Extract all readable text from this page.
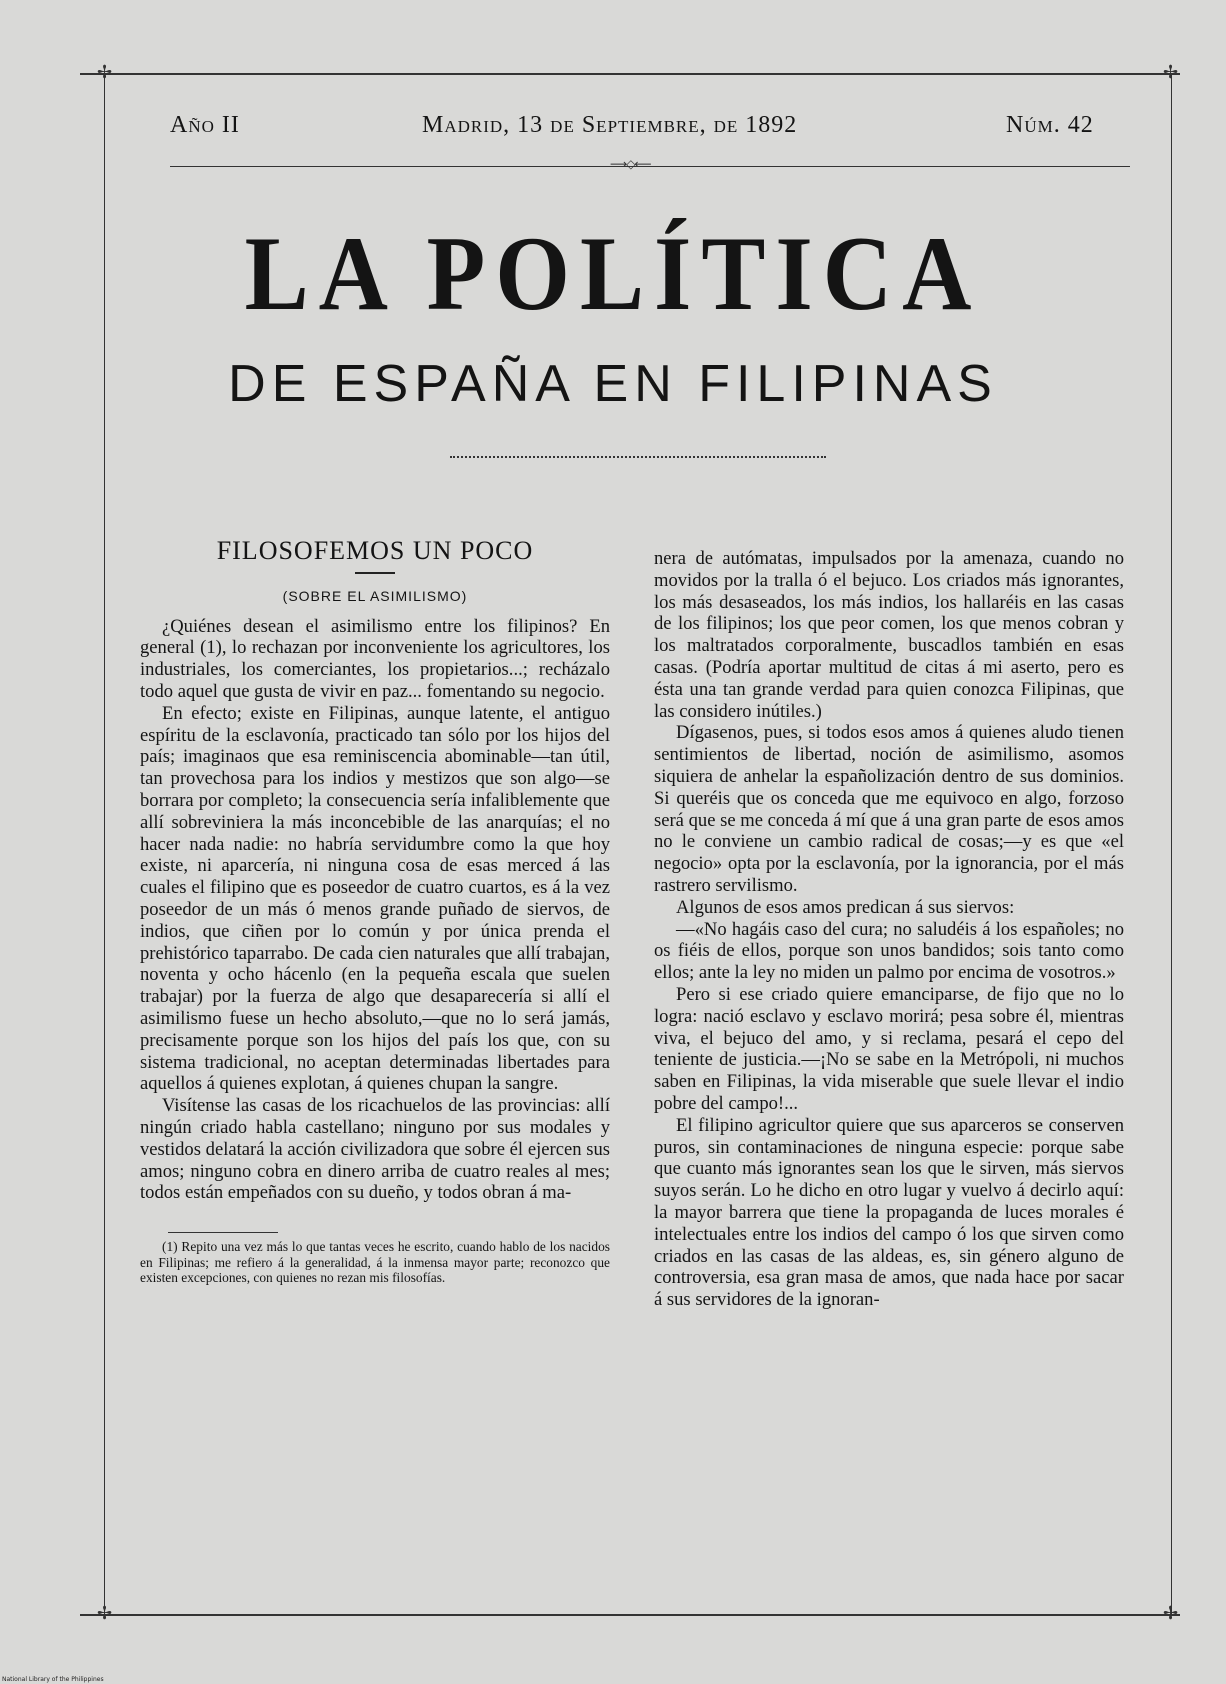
✢	✢
✢	✢
Año II	Madrid, 13 de Septiembre, de 1892	Núm. 42
⟶◇⟵
LA POLÍTICA
DE ESPAÑA EN FILIPINAS
FILOSOFEMOS UN POCO
(SOBRE EL ASIMILISMO)

¿Quiénes desean el asimilismo entre los filipinos? En general (1), lo rechazan por inconveniente los agricultores, los industriales, los comerciantes, los propietarios...; recházalo todo aquel que gusta de vivir en paz... fomentando su negocio.

En efecto; existe en Filipinas, aunque latente, el antiguo espíritu de la esclavonía, practicado tan sólo por los hijos del país; imaginaos que esa reminiscencia abominable—tan útil, tan provechosa para los indios y mestizos que son algo—se borrara por completo; la consecuencia sería infaliblemente que allí sobreviniera la más inconcebible de las anarquías; el no hacer nada nadie: no habría servidumbre como la que hoy existe, ni aparcería, ni ninguna cosa de esas merced á las cuales el filipino que es poseedor de cuatro cuartos, es á la vez poseedor de un más ó menos grande puñado de siervos, de indios, que ciñen por lo común y por única prenda el prehistórico taparrabo. De cada cien naturales que allí trabajan, noventa y ocho hácenlo (en la pequeña escala que suelen trabajar) por la fuerza de algo que desaparecería si allí el asimilismo fuese un hecho absoluto,—que no lo será jamás, precisamente porque son los hijos del país los que, con su sistema tradicional, no aceptan determinadas libertades para aquellos á quienes explotan, á quienes chupan la sangre.

Visítense las casas de los ricachuelos de las provincias: allí ningún criado habla castellano; ninguno por sus modales y vestidos delatará la acción civilizadora que sobre él ejercen sus amos; ninguno cobra en dinero arriba de cuatro reales al mes; todos están empeñados con su dueño, y todos obran á ma-

(1) Repito una vez más lo que tantas veces he escrito, cuando hablo de los nacidos en Filipinas; me refiero á la generalidad, á la inmensa mayor parte; reconozco que existen excepciones, con quienes no rezan mis filosofías.

nera de autómatas, impulsados por la amenaza, cuando no movidos por la tralla ó el bejuco. Los criados más ignorantes, los más desaseados, los más indios, los hallaréis en las casas de los filipinos; los que peor comen, los que menos cobran y los maltratados corporalmente, buscadlos también en esas casas. (Podría aportar multitud de citas á mi aserto, pero es ésta una tan grande verdad para quien conozca Filipinas, que las considero inútiles.)

Dígasenos, pues, si todos esos amos á quienes aludo tienen sentimientos de libertad, noción de asimilismo, asomos siquiera de anhelar la españolización dentro de sus dominios. Si queréis que os conceda que me equivoco en algo, forzoso será que se me conceda á mí que á una gran parte de esos amos no le conviene un cambio radical de cosas;—y es que «el negocio» opta por la esclavonía, por la ignorancia, por el más rastrero servilismo.

Algunos de esos amos predican á sus siervos:

—«No hagáis caso del cura; no saludéis á los españoles; no os fiéis de ellos, porque son unos bandidos; sois tanto como ellos; ante la ley no miden un palmo por encima de vosotros.»

Pero si ese criado quiere emanciparse, de fijo que no lo logra: nació esclavo y esclavo morirá; pesa sobre él, mientras viva, el bejuco del amo, y si reclama, pesará el cepo del teniente de justicia.—¡No se sabe en la Metrópoli, ni muchos saben en Filipinas, la vida miserable que suele llevar el indio pobre del campo!...

El filipino agricultor quiere que sus aparceros se conserven puros, sin contaminaciones de ninguna especie: porque sabe que cuanto más ignorantes sean los que le sirven, más siervos suyos serán. Lo he dicho en otro lugar y vuelvo á decirlo aquí: la mayor barrera que tiene la propaganda de luces morales é intelectuales entre los indios del campo ó los que sirven como criados en las casas de las aldeas, es, sin género alguno de controversia, esa gran masa de amos, que nada hace por sacar á sus servidores de la ignoran-

National Library of the Philippines
